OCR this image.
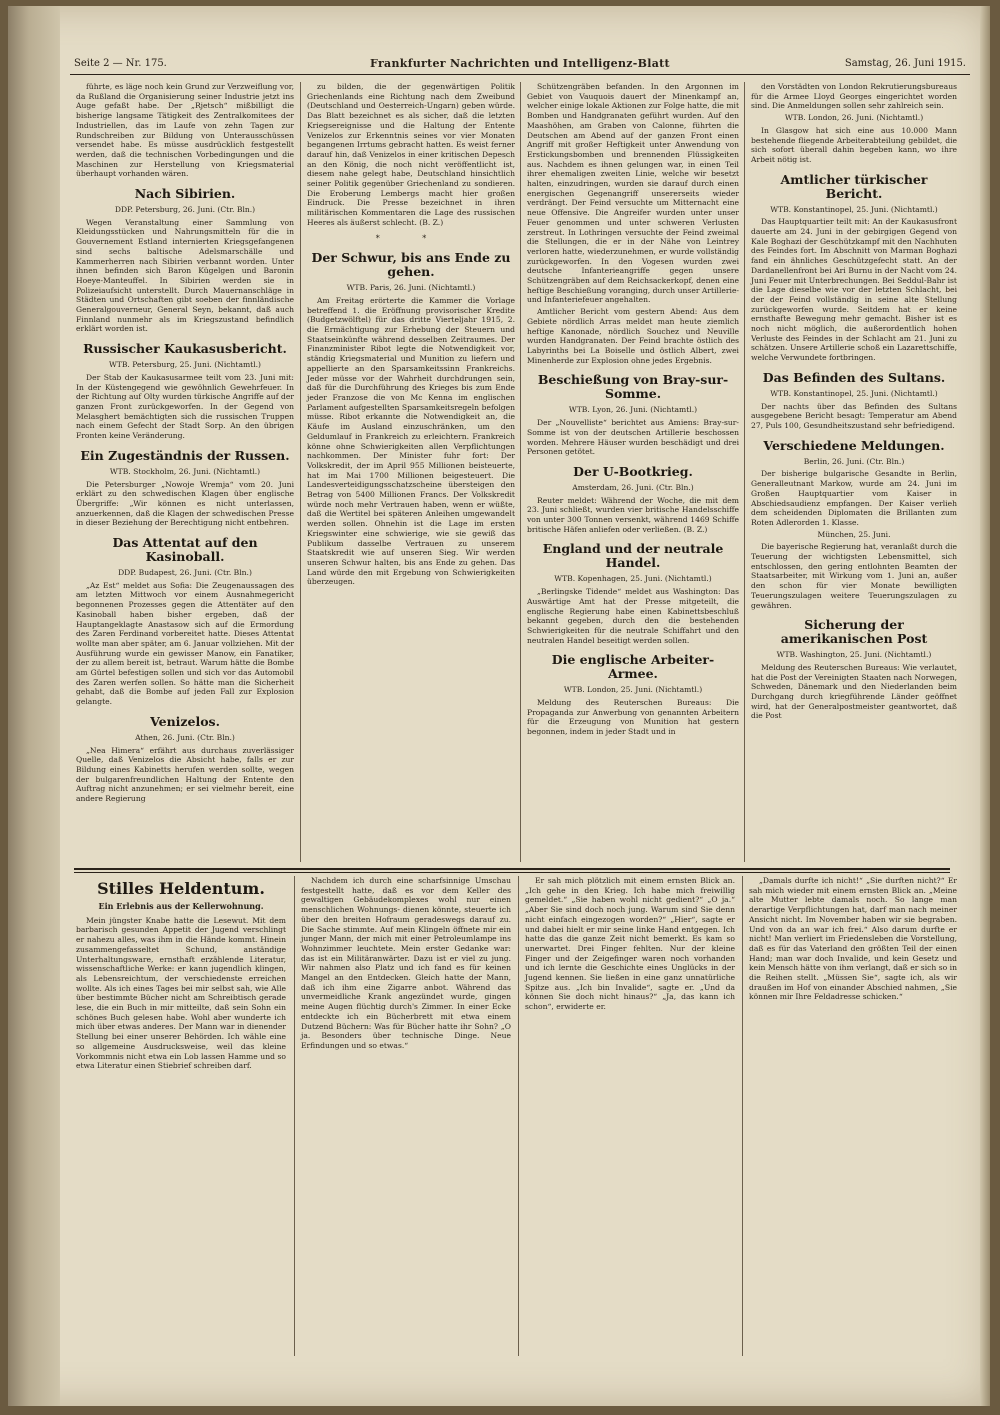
Seite 2 — Nr. 175.	Frankfurter Nachrichten und Intelligenz-Blatt	Samstag, 26. Juni 1915.

führte, es läge noch kein Grund zur Verzweiflung vor, da Rußland die Organisierung seiner Industrie jetzt ins Auge gefaßt habe. Der „Rjetsch“ mißbilligt die bisherige langsame Tätigkeit des Zentralkomitees der Industriellen, das im Laufe von zehn Tagen zur Rundschreiben zur Bildung von Unterausschüssen versendet habe. Es müsse ausdrücklich festgestellt werden, daß die technischen Vorbedingungen und die Maschinen zur Herstellung von Kriegsmaterial überhaupt vorhanden wären.

Nach Sibirien.
DDP. Petersburg, 26. Juni. (Ctr. Bln.)

Wegen Veranstaltung einer Sammlung von Kleidungsstücken und Nahrungsmitteln für die in Gouvernement Estland internierten Kriegsgefangenen sind sechs baltische Adelsmarschälle und Kammerherren nach Sibirien verbannt worden. Unter ihnen befinden sich Baron Kügelgen und Baronin Hoeye-Manteuffel. In Sibirien werden sie in Polizeiaufsicht unterstellt. Durch Mauernanschläge in Städten und Ortschaften gibt soeben der finnländische Generalgouverneur, General Seyn, bekannt, daß auch Finnland nunmehr als im Kriegszustand befindlich erklärt worden ist.

Russischer Kaukasusbericht.
WTB. Petersburg, 25. Juni. (Nichtamtl.)

Der Stab der Kaukasusarmee teilt vom 23. Juni mit: In der Küstengegend wie gewöhnlich Gewehrfeuer. In der Richtung auf Olty wurden türkische Angriffe auf der ganzen Front zurückgeworfen. In der Gegend von Melasghert bemächtigten sich die russischen Truppen nach einem Gefecht der Stadt Sorp. An den übrigen Fronten keine Veränderung.

Ein Zugeständnis der Russen.
WTB. Stockholm, 26. Juni. (Nichtamtl.)

Die Petersburger „Nowoje Wremja“ vom 20. Juni erklärt zu den schwedischen Klagen über englische Übergriffe: „Wir können es nicht unterlassen, anzuerkennen, daß die Klagen der schwedischen Presse in dieser Beziehung der Berechtigung nicht entbehren.

Das Attentat auf den Kasinoball.
DDP. Budapest, 26. Juni. (Ctr. Bln.)

„Az Est“ meldet aus Sofia: Die Zeugenaussagen des am letzten Mittwoch vor einem Ausnahmegericht begonnenen Prozesses gegen die Attentäter auf den Kasinoball haben bisher ergeben, daß der Hauptangeklagte Anastasow sich auf die Ermordung des Zaren Ferdinand vorbereitet hatte. Dieses Attentat wollte man aber später, am 6. Januar vollziehen. Mit der Ausführung wurde ein gewisser Manow, ein Fanatiker, der zu allem bereit ist, betraut. Warum hätte die Bombe am Gürtel befestigen sollen und sich vor das Automobil des Zaren werfen sollen. So hätte man die Sicherheit gehabt, daß die Bombe auf jeden Fall zur Explosion gelangte.

Venizelos.
Athen, 26. Juni. (Ctr. Bln.)

„Nea Himera“ erfährt aus durchaus zuverlässiger Quelle, daß Venizelos die Absicht habe, falls er zur Bildung eines Kabinetts herufen werden sollte, wegen der bulgarenfreundlichen Haltung der Entente den Auftrag nicht anzunehmen; er sei vielmehr bereit, eine andere Regierung

zu bilden, die der gegenwärtigen Politik Griechenlands eine Richtung nach dem Zweibund (Deutschland und Oesterreich-Ungarn) geben würde. Das Blatt bezeichnet es als sicher, daß die letzten Kriegsereignisse und die Haltung der Entente Venizelos zur Erkenntnis seines vor vier Monaten begangenen Irrtums gebracht hatten. Es weist ferner darauf hin, daß Venizelos in einer kritischen Depesch an den König, die noch nicht veröffentlicht ist, diesem nahe gelegt habe, Deutschland hinsichtlich seiner Politik gegenüber Griechenland zu sondieren. Die Eroberung Lembergs macht hier großen Eindruck. Die Presse bezeichnet in ihren militärischen Kommentaren die Lage des russischen Heeres als äußerst schlecht. (B. Z.)

* *
Der Schwur, bis ans Ende zu gehen.
WTB. Paris, 26. Juni. (Nichtamtl.)

Am Freitag erörterte die Kammer die Vorlage betreffend 1. die Eröffnung provisorischer Kredite (Budgetzwölftel) für das dritte Vierteljahr 1915, 2. die Ermächtigung zur Erhebung der Steuern und Staatseinkünfte während desselben Zeitraumes. Der Finanzminister Ribot legte die Notwendigkeit vor, ständig Kriegsmaterial und Munition zu liefern und appellierte an den Sparsamkeitssinn Frankreichs. Jeder müsse vor der Wahrheit durchdrungen sein, daß für die Durchführung des Krieges bis zum Ende jeder Franzose die von Mc Kenna im englischen Parlament aufgestellten Sparsamkeitsregeln befolgen müsse. Ribot erkannte die Notwendigkeit an, die Käufe im Ausland einzuschränken, um den Geldumlauf in Frankreich zu erleichtern. Frankreich könne ohne Schwierigkeiten allen Verpflichtungen nachkommen. Der Minister fuhr fort: Der Volkskredit, der im April 955 Millionen beisteuerte, hat im Mai 1700 Millionen beigesteuert. Die Landesverteidigungsschatzscheine übersteigen den Betrag von 5400 Millionen Francs. Der Volkskredit würde noch mehr Vertrauen haben, wenn er wüßte, daß die Wertitel bei späteren Anleihen umgewandelt werden sollen. Ohnehin ist die Lage im ersten Kriegswinter eine schwierige, wie sie gewiß das Publikum dasselbe Vertrauen zu unserem Staatskredit wie auf unseren Sieg. Wir werden unseren Schwur halten, bis ans Ende zu gehen. Das Land würde den mit Ergebung von Schwierigkeiten überzeugen.

Schützengräben befanden. In den Argonnen im Gebiet von Vauquois dauert der Minenkampf an, welcher einige lokale Aktionen zur Folge hatte, die mit Bomben und Handgranaten geführt wurden. Auf den Maashöhen, am Graben von Calonne, führten die Deutschen am Abend auf der ganzen Front einen Angriff mit großer Heftigkeit unter Anwendung von Erstickungsbomben und brennenden Flüssigkeiten aus. Nachdem es ihnen gelungen war, in einen Teil ihrer ehemaligen zweiten Linie, welche wir besetzt halten, einzudringen, wurden sie darauf durch einen energischen Gegenangriff unsererseits wieder verdrängt. Der Feind versuchte um Mitternacht eine neue Offensive. Die Angreifer wurden unter unser Feuer genommen und unter schweren Verlusten zerstreut. In Lothringen versuchte der Feind zweimal die Stellungen, die er in der Nähe von Leintrey verloren hatte, wiederzunehmen, er wurde vollständig zurückgeworfen. In den Vogesen wurden zwei deutsche Infanterieangriffe gegen unsere Schützengräben auf dem Reichsackerkopf, denen eine heftige Beschießung voranging, durch unser Artillerie- und Infanteriefeuer angehalten.

Amtlicher Bericht vom gestern Abend: Aus dem Gebiete nördlich Arras meldet man heute ziemlich heftige Kanonade, nördlich Souchez und Neuville wurden Handgranaten. Der Feind brachte östlich des Labyrinths bei La Boiselle und östlich Albert, zwei Minenherde zur Explosion ohne jedes Ergebnis.

Beschießung von Bray-sur-Somme.
WTB. Lyon, 26. Juni. (Nichtamtl.)

Der „Nouvelliste“ berichtet aus Amiens: Bray-sur-Somme ist von der deutschen Artillerie beschossen worden. Mehrere Häuser wurden beschädigt und drei Personen getötet.

Der U-Bootkrieg.
Amsterdam, 26. Juni. (Ctr. Bln.)

Reuter meldet: Während der Woche, die mit dem 23. Juni schließt, wurden vier britische Handelsschiffe von unter 300 Tonnen versenkt, während 1469 Schiffe britische Häfen anliefen oder verließen. (B. Z.)

England und der neutrale Handel.
WTB. Kopenhagen, 25. Juni. (Nichtamtl.)

„Berlingske Tidende“ meldet aus Washington: Das Auswärtige Amt hat der Presse mitgeteilt, die englische Regierung habe einen Kabinettsbeschluß bekannt gegeben, durch den die bestehenden Schwierigkeiten für die neutrale Schiffahrt und den neutralen Handel beseitigt werden sollen.

Die englische Arbeiter-Armee.
WTB. London, 25. Juni. (Nichtamtl.)

Meldung des Reuterschen Bureaus: Die Propaganda zur Anwerbung von genannten Arbeitern für die Erzeugung von Munition hat gestern begonnen, indem in jeder Stadt und in

den Vorstädten von London Rekrutierungsbureaus für die Armee Lloyd Georges eingerichtet worden sind. Die Anmeldungen sollen sehr zahlreich sein.

WTB. London, 26. Juni. (Nichtamtl.)

In Glasgow hat sich eine aus 10.000 Mann bestehende fliegende Arbeiterabteilung gebildet, die sich sofort überall dahin begeben kann, wo ihre Arbeit nötig ist.

Amtlicher türkischer Bericht.
WTB. Konstantinopel, 25. Juni. (Nichtamtl.)

Das Hauptquartier teilt mit: An der Kaukasusfront dauerte am 24. Juni in der gebirgigen Gegend von Kale Boghazi der Geschützkampf mit den Nachhuten des Feindes fort. Im Abschnitt von Marman Boghazi fand ein ähnliches Geschützgefecht statt. An der Dardanellenfront bei Ari Burnu in der Nacht vom 24. Juni Feuer mit Unterbrechungen. Bei Seddul-Bahr ist die Lage dieselbe wie vor der letzten Schlacht, bei der der Feind vollständig in seine alte Stellung zurückgeworfen wurde. Seitdem hat er keine ernsthafte Bewegung mehr gemacht. Bisher ist es noch nicht möglich, die außerordentlich hohen Verluste des Feindes in der Schlacht am 21. Juni zu schätzen. Unsere Artillerie schoß ein Lazarettschiffe, welche Verwundete fortbringen.

Das Befinden des Sultans.
WTB. Konstantinopel, 25. Juni. (Nichtamtl.)

Der nachts über das Befinden des Sultans ausgegebene Bericht besagt: Temperatur am Abend 27, Puls 100, Gesundheitszustand sehr befriedigend.

Verschiedene Meldungen.
Berlin, 26. Juni. (Ctr. Bln.)

Der bisherige bulgarische Gesandte in Berlin, Generalleutnant Markow, wurde am 24. Juni im Großen Hauptquartier vom Kaiser in Abschiedsaudienz empfangen. Der Kaiser verlieh dem scheidenden Diplomaten die Brillanten zum Roten Adlerorden 1. Klasse.

München, 25. Juni.

Die bayerische Regierung hat, veranlaßt durch die Teuerung der wichtigsten Lebensmittel, sich entschlossen, den gering entlohnten Beamten der Staatsarbeiter, mit Wirkung vom 1. Juni an, außer den schon für vier Monate bewilligten Teuerungszulagen weitere Teuerungszulagen zu gewähren.

Sicherung der amerikanischen Post
WTB. Washington, 25. Juni. (Nichtamtl.)

Meldung des Reuterschen Bureaus: Wie verlautet, hat die Post der Vereinigten Staaten nach Norwegen, Schweden, Dänemark und den Niederlanden beim Durchgang durch kriegführende Länder geöffnet wird, hat der Generalpostmeister geantwortet, daß die Post

Stilles Heldentum.
Ein Erlebnis aus der Kellerwohnung.

Mein jüngster Knabe hatte die Lesewut. Mit dem barbarisch gesunden Appetit der Jugend verschlingt er nahezu alles, was ihm in die Hände kommt. Hinein zusammengefasseltet Schund, anständige Unterhaltungsware, ernsthaft erzählende Literatur, wissenschaftliche Werke: er kann jugendlich klingen, als Lebensreichtum, der verschiedenste erreichen wollte. Als ich eines Tages bei mir selbst sah, wie Alle über bestimmte Bücher nicht am Schreibtisch gerade lese, die ein Buch in mir mitteilte, daß sein Sohn ein schönes Buch gelesen habe. Wohl aber wunderte ich mich über etwas anderes. Der Mann war in dienender Stellung bei einer unserer Behörden. Ich wähle eine so allgemeine Ausdrucksweise, weil das kleine Vorkommnis nicht etwa ein Lob lassen Hamme und so etwa Literatur einen Stiebrief schreiben darf.

Nachdem ich durch eine scharfsinnige Umschau festgestellt hatte, daß es vor dem Keller des gewaltigen Gebäudekomplexes wohl nur einen menschlichen Wohnungs- dienen könnte, steuerte ich über den breiten Hofraum geradeswegs darauf zu. Die Sache stimmte. Auf mein Klingeln öffnete mir ein junger Mann, der mich mit einer Petroleumlampe ins Wohnzimmer leuchtete. Mein erster Gedanke war: das ist ein Militäranwärter. Dazu ist er viel zu jung. Wir nahmen also Platz und ich fand es für keinen Mangel an den Entdecken. Gleich hatte der Mann, daß ich ihm eine Zigarre anbot. Während das unvermeidliche Krank angezündet wurde, gingen meine Augen flüchtig durch's Zimmer. In einer Ecke entdeckte ich ein Bücherbrett mit etwa einem Dutzend Büchern: Was für Bücher hatte ihr Sohn? „O ja. Besonders über technische Dinge. Neue Erfindungen und so etwas.“

Er sah mich plötzlich mit einem ernsten Blick an. „Ich gehe in den Krieg. Ich habe mich freiwillig gemeldet.“ „Sie haben wohl nicht gedient?“ „O ja.“ „Aber Sie sind doch noch jung. Warum sind Sie denn nicht einfach eingezogen worden?“ „Hier“, sagte er und dabei hielt er mir seine linke Hand entgegen. Ich hatte das die ganze Zeit nicht bemerkt. Es kam so unerwartet. Drei Finger fehlten. Nur der kleine Finger und der Zeigefinger waren noch vorhanden und ich lernte die Geschichte eines Unglücks in der Jugend kennen. Sie ließen in eine ganz unnatürliche Spitze aus. „Ich bin Invalide“, sagte er. „Und da können Sie doch nicht hinaus?“ „Ja, das kann ich schon“, erwiderte er.

„Damals durfte ich nicht!“ „Sie durften nicht?“ Er sah mich wieder mit einem ernsten Blick an. „Meine alte Mutter lebte damals noch. So lange man derartige Verpflichtungen hat, darf man nach meiner Ansicht nicht. Im November haben wir sie begraben. Und von da an war ich frei.“ Also darum durfte er nicht! Man verliert im Friedensleben die Vorstellung, daß es für das Vaterland den größten Teil der einen Hand; man war doch Invalide, und kein Gesetz und kein Mensch hätte von ihm verlangt, daß er sich so in die Reihen stellt. „Müssen Sie“, sagte ich, als wir draußen im Hof von einander Abschied nahmen, „Sie können mir Ihre Feldadresse schicken.“
